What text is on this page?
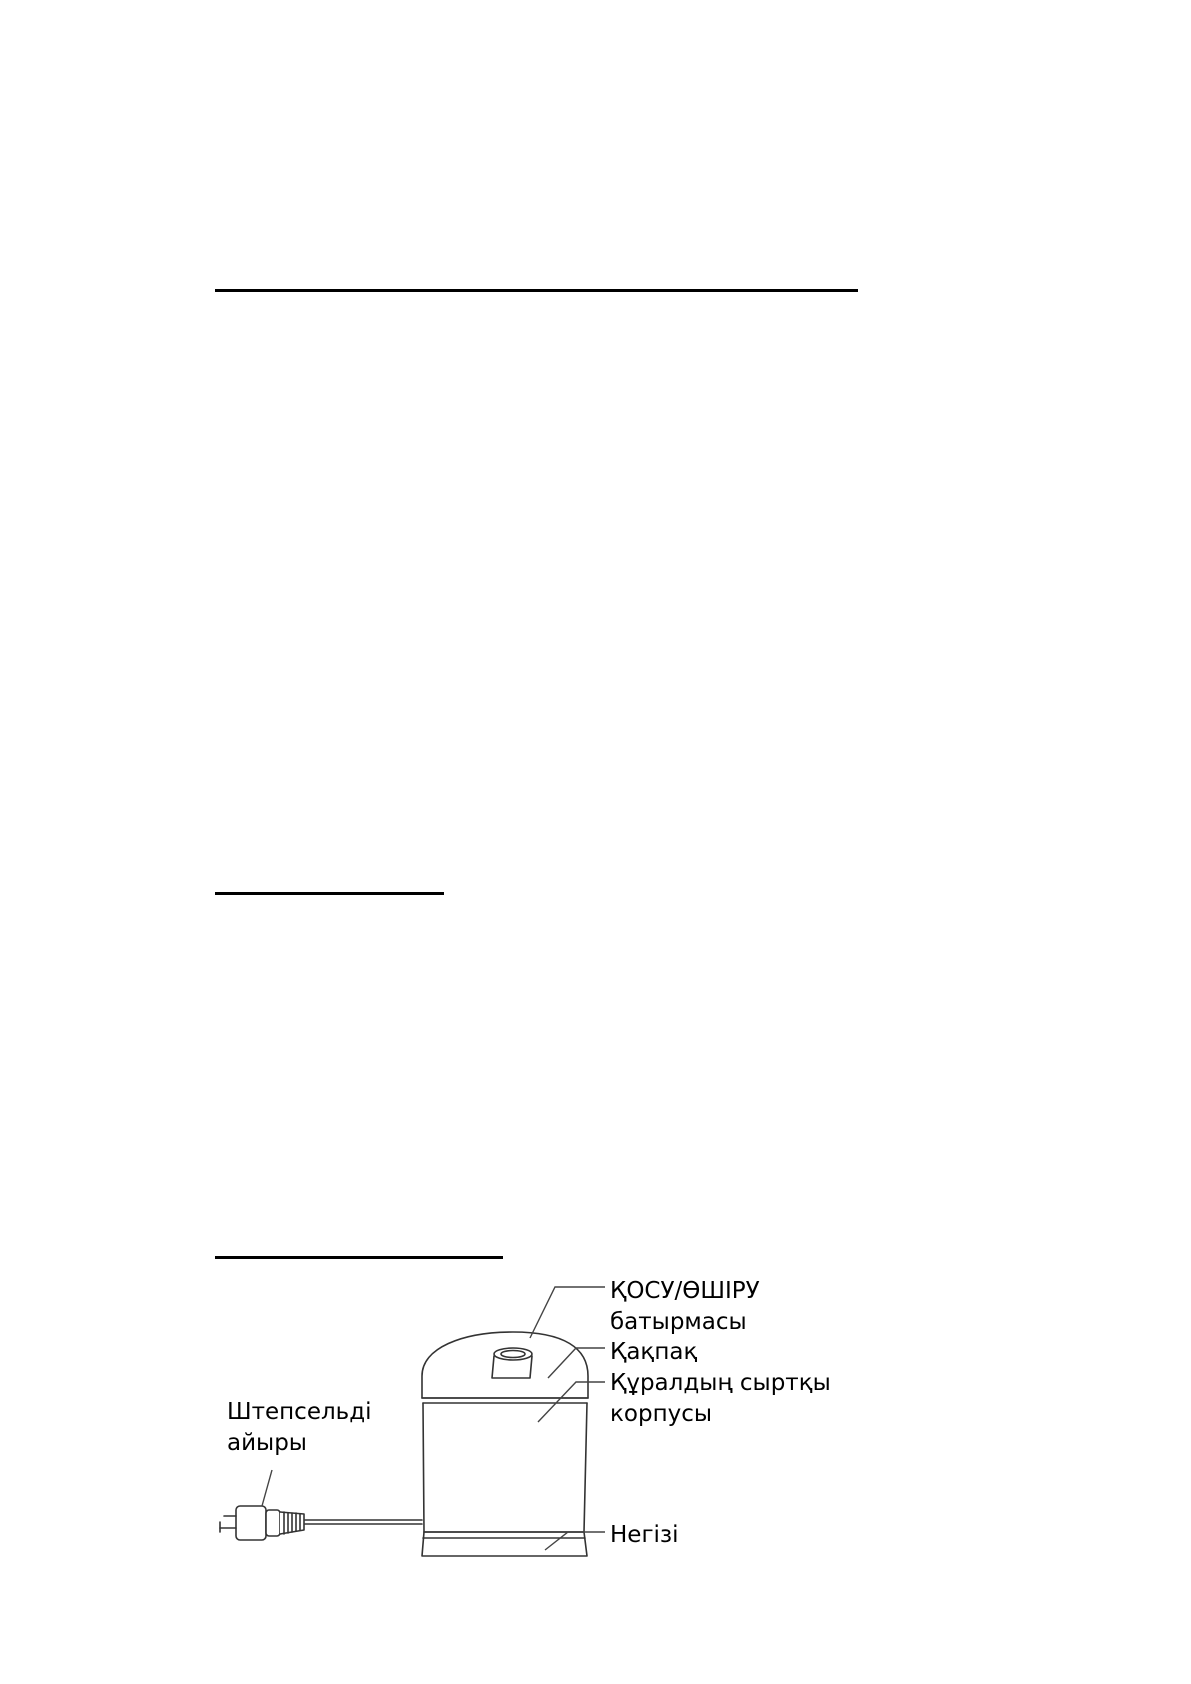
ҚОСУ/ӨШІРУ
батырмасы
Қақпақ
Құралдың сыртқы
корпусы
Штепсельді
айыры
Негізі
